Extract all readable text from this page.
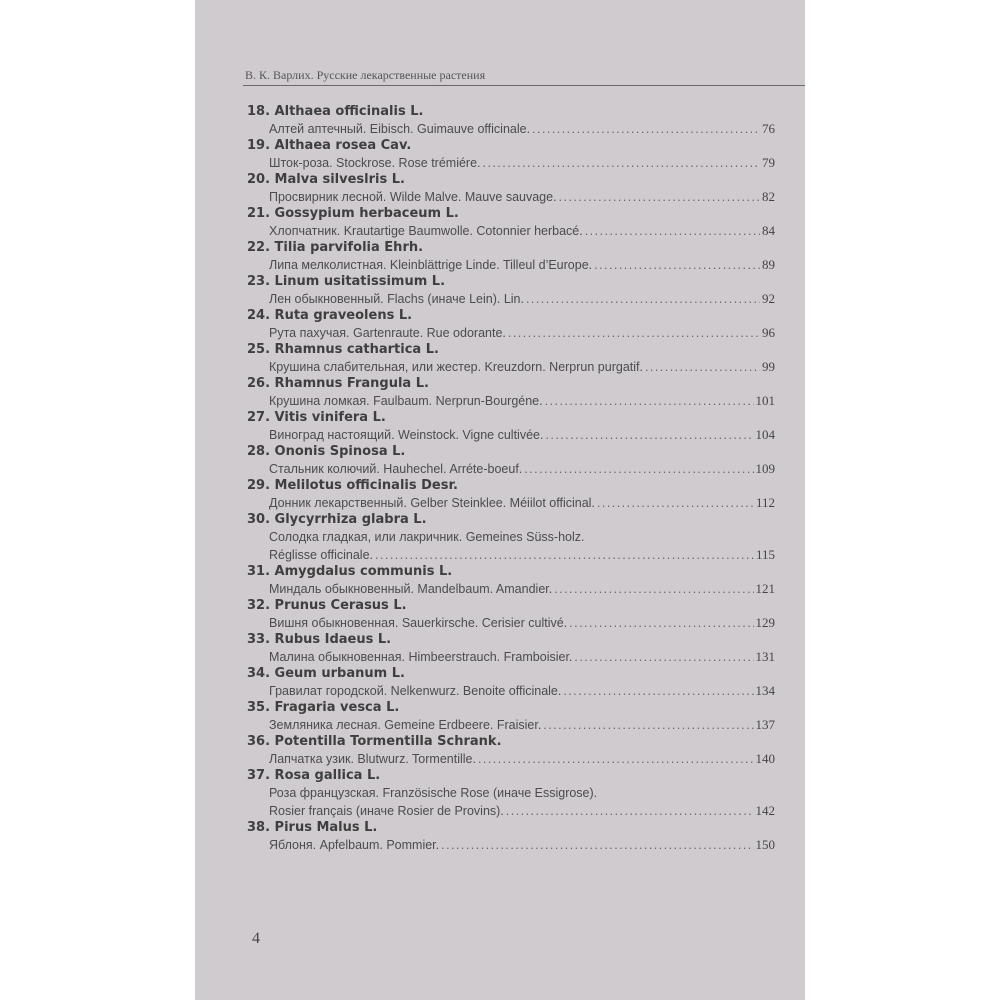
В. К. Варлих. Русские лекарственные растения
18. Althaea officinalis L.
Алтей аптечный. Eibisch. Guimauve officinale. . . .	76
19. Althaea rosea Cav.
Шток-роза. Stockrose. Rose trémiére. . . .	79
20. Malva silveslris L.
Просвирник лесной. Wilde Malve. Mauve sauvage. . . .	82
21. Gossypium herbaceum L.
Хлопчатник. Krautartige Baumwolle. Cotonnier herbacé. . . .	84
22. Tilia parvifolia Ehrh.
Липа мелколистная. Kleinblättrige Linde. Tilleul d’Europe. . . .	89
23. Linum usitatissimum L.
Лен обыкновенный. Flachs (иначе Lein). Lin. . . .	92
24. Ruta graveolens L.
Рута пахучая. Gartenraute. Rue odorante. . . .	96
25. Rhamnus cathartica L.
Крушина слабительная, или жестер. Kreuzdorn. Nerprun purgatif. . . .	99
26. Rhamnus Frangula L.
Крушина ломкая. Faulbaum. Nerprun-Bourgéne. . . .	101
27. Vitis vinifera L.
Виноград настоящий. Weinstock. Vigne cultivée. . . .	104
28. Ononis Spinosa L.
Стальник колючий. Hauhechel. Arréte-boeuf. . . .	109
29. Melilotus officinalis Desr.
Донник лекарственный. Gelber Steinklee. Méiilot officinal. . . .	112
30. Glycyrrhiza glabra L.
Солодка гладкая, или лакричник. Gemeines Süss-holz.
Réglisse officinale. . . .	115
31. Amygdalus communis L.
Миндаль обыкновенный. Mandelbaum. Amandier. . . .	121
32. Prunus Cerasus L.
Вишня обыкновенная. Sauerkirsche. Cerisier cultivé. . . .	129
33. Rubus Idaeus L.
Малина обыкновенная. Himbeerstrauch. Framboisier. . . .	131
34. Geum urbanum L.
Гравилат городской. Nelkenwurz. Benoite officinale. . . .	134
35. Fragaria vesca L.
Земляника лесная. Gemeine Erdbeere. Fraisier. . . .	137
36. Potentilla Tormentilla Schrank.
Лапчатка узик. Blutwurz. Tormentille. . . .	140
37. Rosa gallica L.
Роза французская. Französische Rose (иначе Essigrose).
Rosier français (иначе Rosier de Provins). . . .	142
38. Pirus Malus L.
Яблоня. Apfelbaum. Pommier. . . .	150
4
